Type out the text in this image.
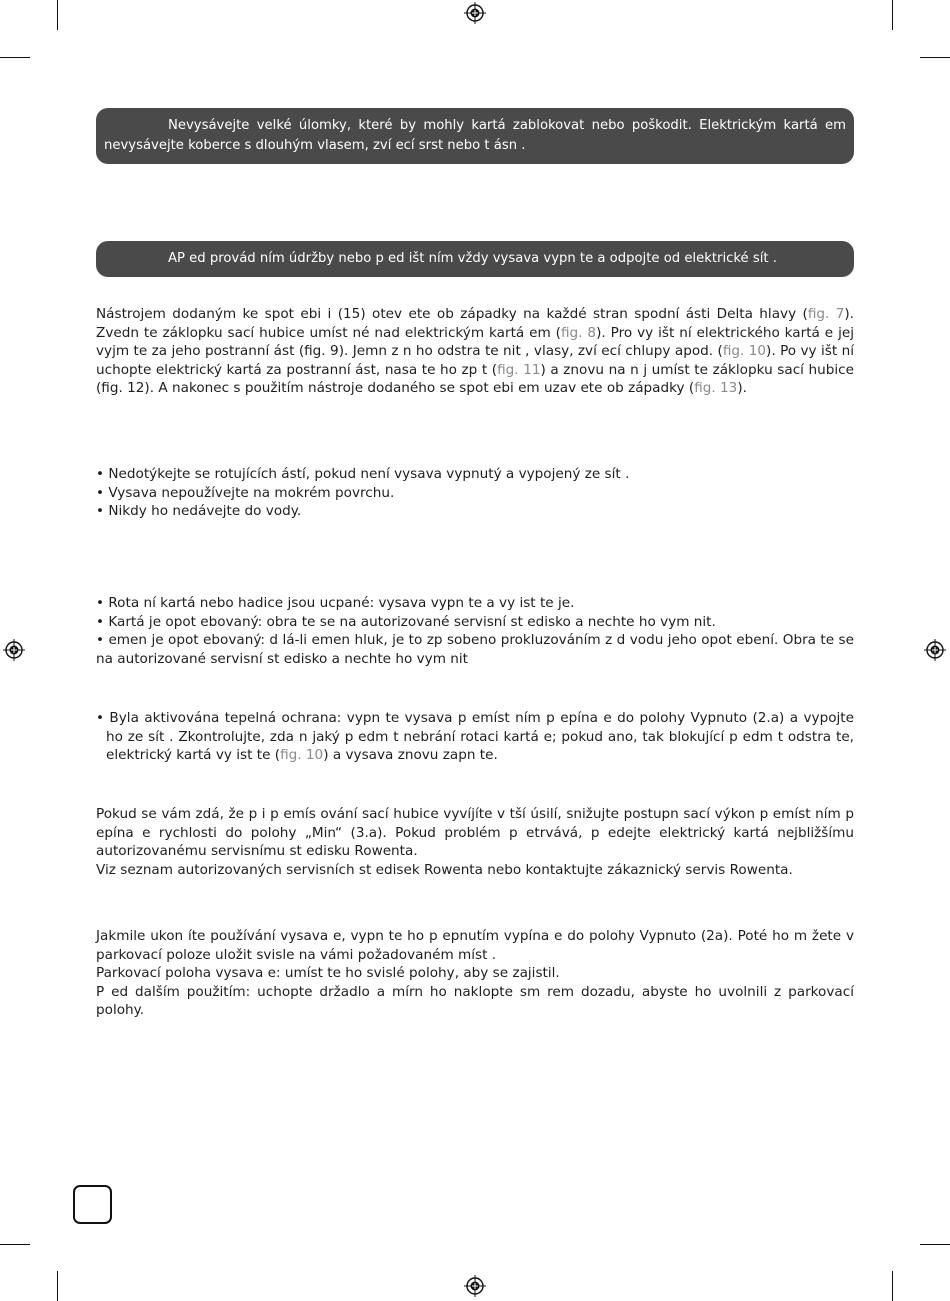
Nevysávejte velké úlomky, které by mohly kartá zablokovat nebo poškodit. Elektrickým kartá em nevysávejte koberce s dlouhým vlasem, zví ecí srst nebo t ásn .
AP ed provád ním údržby nebo p ed išt ním vždy vysava vypn te a odpojte od elektrické sít .

Nástrojem dodaným ke spot ebi i (15) otev ete ob západky na každé stran spodní ásti Delta hlavy (fig. 7). Zvedn te záklopku sací hubice umíst né nad elektrickým kartá em (fig. 8). Pro vy išt ní elektrického kartá e jej vyjm te za jeho postranní ást (fig. 9). Jemn z n ho odstra te nit , vlasy, zví ecí chlupy apod. (fig. 10). Po vy išt ní uchopte elektrický kartá za postranní ást, nasa te ho zp t (fig. 11) a znovu na n j umíst te záklopku sací hubice (fig. 12). A nakonec s použitím nástroje dodaného se spot ebi em uzav ete ob západky (fig. 13).

• Nedotýkejte se rotujících ástí, pokud není vysava vypnutý a vypojený ze sít .

• Vysava nepoužívejte na mokrém povrchu.

• Nikdy ho nedávejte do vody.

• Rota ní kartá nebo hadice jsou ucpané: vysava vypn te a vy ist te je.

• Kartá je opot ebovaný: obra te se na autorizované servisní st edisko a nechte ho vym nit.

• emen je opot ebovaný: d lá-li emen hluk, je to zp sobeno prokluzováním z d vodu jeho opot ebení. Obra te se na autorizované servisní st edisko a nechte ho vym nit

• Byla aktivována tepelná ochrana: vypn te vysava p emíst ním p epína e do polohy Vypnuto (2.a) a vypojte ho ze sít . Zkontrolujte, zda n jaký p edm t nebrání rotaci kartá e; pokud ano, tak blokující p edm t odstra te, elektrický kartá vy ist te (fig. 10) a vysava znovu zapn te.

Pokud se vám zdá, že p i p emís ování sací hubice vyvíjíte v tší úsilí, snižujte postupn sací výkon p emíst ním p epína e rychlosti do polohy „Min“ (3.a). Pokud problém p etrvává, p edejte elektrický kartá nejbližšímu autorizovanému servisnímu st edisku Rowenta.

Viz seznam autorizovaných servisních st edisek Rowenta nebo kontaktujte zákaznický servis Rowenta.

Jakmile ukon íte používání vysava e, vypn te ho p epnutím vypína e do polohy Vypnuto (2a). Poté ho m žete v parkovací poloze uložit svisle na vámi požadovaném míst .

Parkovací poloha vysava e: umíst te ho svislé polohy, aby se zajistil.

P ed dalším použitím: uchopte držadlo a mírn ho naklopte sm rem dozadu, abyste ho uvolnili z parkovací polohy.
